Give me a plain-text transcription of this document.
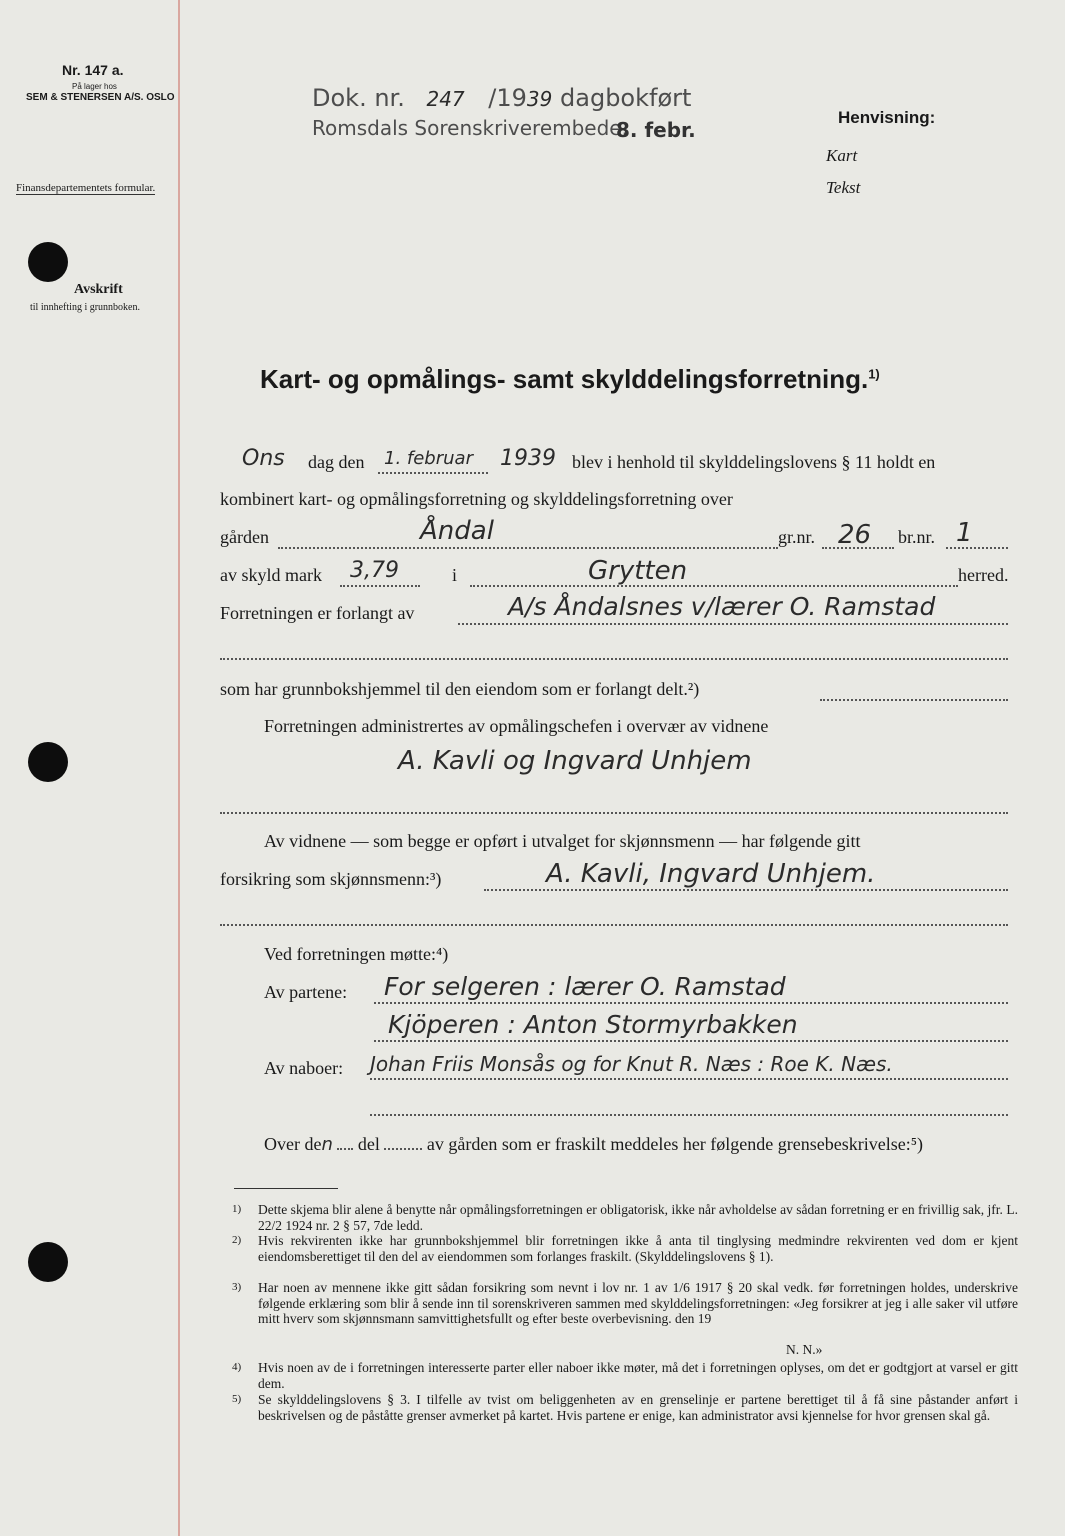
Nr. 147 a.
På lager hos
SEM & STENERSEN A/S. OSLO
Finansdepartementets formular.
Avskrift
til innhefting i grunnboken.
Dok. nr. 247 /1939 dagbokført
Romsdals Sorenskriverembede.
8. febr.
Henvisning:
Kart
Tekst
Kart- og opmålings- samt skylddelingsforretning.$^{1)}$
Ons dag den 1. februar 1939 blev i henhold til skylddelingslovens § 11 holdt en
kombinert kart- og opmålingsforretning og skylddelingsforretning over
gården	Åndal	gr.nr. 26 br.nr. 1
av skyld mark 3,79	i	Grytten	herred.
Forretningen er forlangt av	A/s Åndalsnes v/lærer O. Ramstad
som har grunnbokshjemmel til den eiendom som er forlangt delt.²)
Forretningen administrertes av opmålingschefen i overvær av vidnene
A. Kavli og Ingvard Unhjem
Av vidnene — som begge er opført i utvalget for skjønnsmenn — har følgende gitt
forsikring som skjønnsmenn:³)	A. Kavli, Ingvard Unhjem.
Ved forretningen møtte:⁴)
Av partene: For selgeren : lærer O. Ramstad
Kjöperen : Anton Stormyrbakken
Av naboer: Johan Friis Monsås og for Knut R. Næs : Roe K. Næs.
Over den del	av gården som er fraskilt meddeles her følgende grensebeskrivelse:⁵)
1) Dette skjema blir alene å benytte når opmålingsforretningen er obligatorisk, ikke når avholdelse av sådan forretning er en frivillig sak, jfr. L. 22/2 1924 nr. 2 § 57, 7de ledd.

2) Hvis rekvirenten ikke har grunnbokshjemmel blir forretningen ikke å anta til tinglysing medmindre rekvirenten ved dom er kjent eiendomsberettiget til den del av eiendommen som forlanges fraskilt. (Skylddelingslovens § 1).

3) Har noen av mennene ikke gitt sådan forsikring som nevnt i lov nr. 1 av 1/6 1917 § 20 skal vedk. før forretningen holdes, underskrive følgende erklæring som blir å sende inn til sorenskriveren sammen med skylddelingsforretningen: «Jeg forsikrer at jeg i alle saker vil utføre mitt hverv som skjønnsmann samvittighetsfullt og efter beste overbevisning. den 19

N. N.»
4) Hvis noen av de i forretningen interesserte parter eller naboer ikke møter, må det i forretningen oplyses, om det er godtgjort at varsel er gitt dem.

5) Se skylddelingslovens § 3. I tilfelle av tvist om beliggenheten av en grenselinje er partene berettiget til å få sine påstander anført i beskrivelsen og de påståtte grenser avmerket på kartet. Hvis partene er enige, kan administrator avsi kjennelse for hvor grensen skal gå.
